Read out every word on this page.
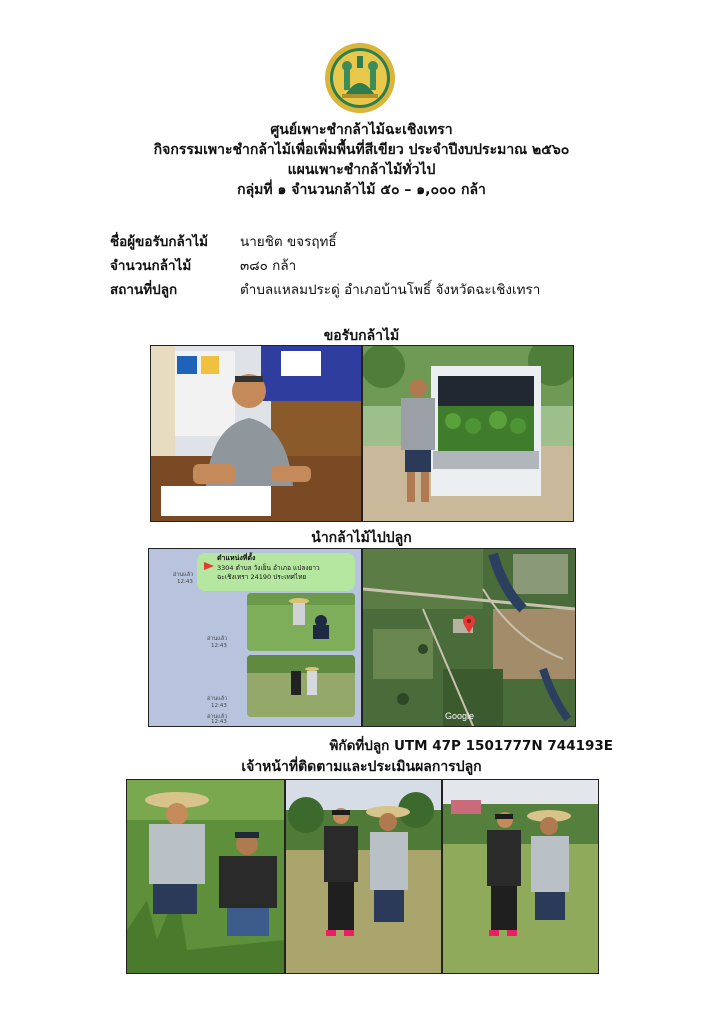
ศูนย์เพาะชำกล้าไม้ฉะเชิงเทรา
กิจกรรมเพาะชำกล้าไม้เพื่อเพิ่มพื้นที่สีเขียว ประจำปีงบประมาณ ๒๕๖๐
แผนเพาะชำกล้าไม้ทั่วไป
กลุ่มที่ ๑ จำนวนกล้าไม้ ๕๐ – ๑,๐๐๐ กล้า
ชื่อผู้ขอรับกล้าไม้ นายชิต ขจรฤทธิ์
จำนวนกล้าไม้	๓๘๐ กล้า
สถานที่ปลูก	ตำบลแหลมประดู่ อำเภอบ้านโพธิ์ จังหวัดฉะเชิงเทรา
ขอรับกล้าไม้
นำกล้าไม้ไปปลูก
ตำแหน่งที่ตั้ง
3304 ตำบล วังเย็น อำเภอ แปลงยาว ฉะเชิงเทรา 24190 ประเทศไทย
อ่านแล้ว
12:43
อ่านแล้ว
12:43
อ่านแล้ว
12:43
อ่านแล้ว
12:43
Google
พิกัดที่ปลูก UTM 47P 1501777N 744193E
เจ้าหน้าที่ติดตามและประเมินผลการปลูก
